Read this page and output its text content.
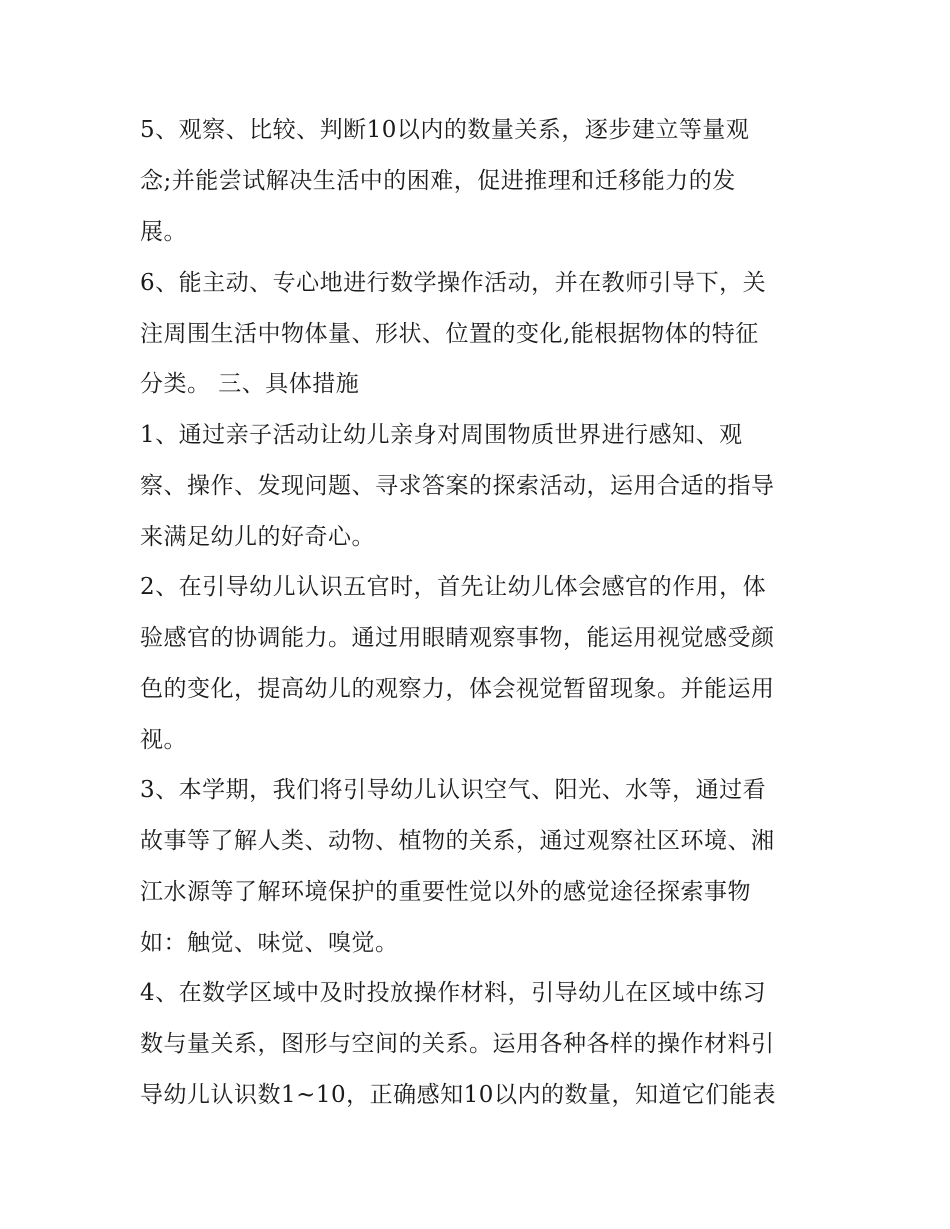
5、观察、比较、判断10以内的数量关系，逐步建立等量观
念;并能尝试解决生活中的困难，促进推理和迁移能力的发
展。
6、能主动、专心地进行数学操作活动，并在教师引导下，关
注周围生活中物体量、形状、位置的变化,能根据物体的特征
分类。 三、具体措施
1、通过亲子活动让幼儿亲身对周围物质世界进行感知、观
察、操作、发现问题、寻求答案的探索活动，运用合适的指导
来满足幼儿的好奇心。
2、在引导幼儿认识五官时，首先让幼儿体会感官的作用，体
验感官的协调能力。通过用眼睛观察事物，能运用视觉感受颜
色的变化，提高幼儿的观察力，体会视觉暂留现象。并能运用
视。
3、本学期，我们将引导幼儿认识空气、阳光、水等，通过看
故事等了解人类、动物、植物的关系，通过观察社区环境、湘
江水源等了解环境保护的重要性觉以外的感觉途径探索事物
如：触觉、味觉、嗅觉。
4、在数学区域中及时投放操作材料，引导幼儿在区域中练习
数与量关系，图形与空间的关系。运用各种各样的操作材料引
导幼儿认识数1~10，正确感知10以内的数量，知道它们能表
